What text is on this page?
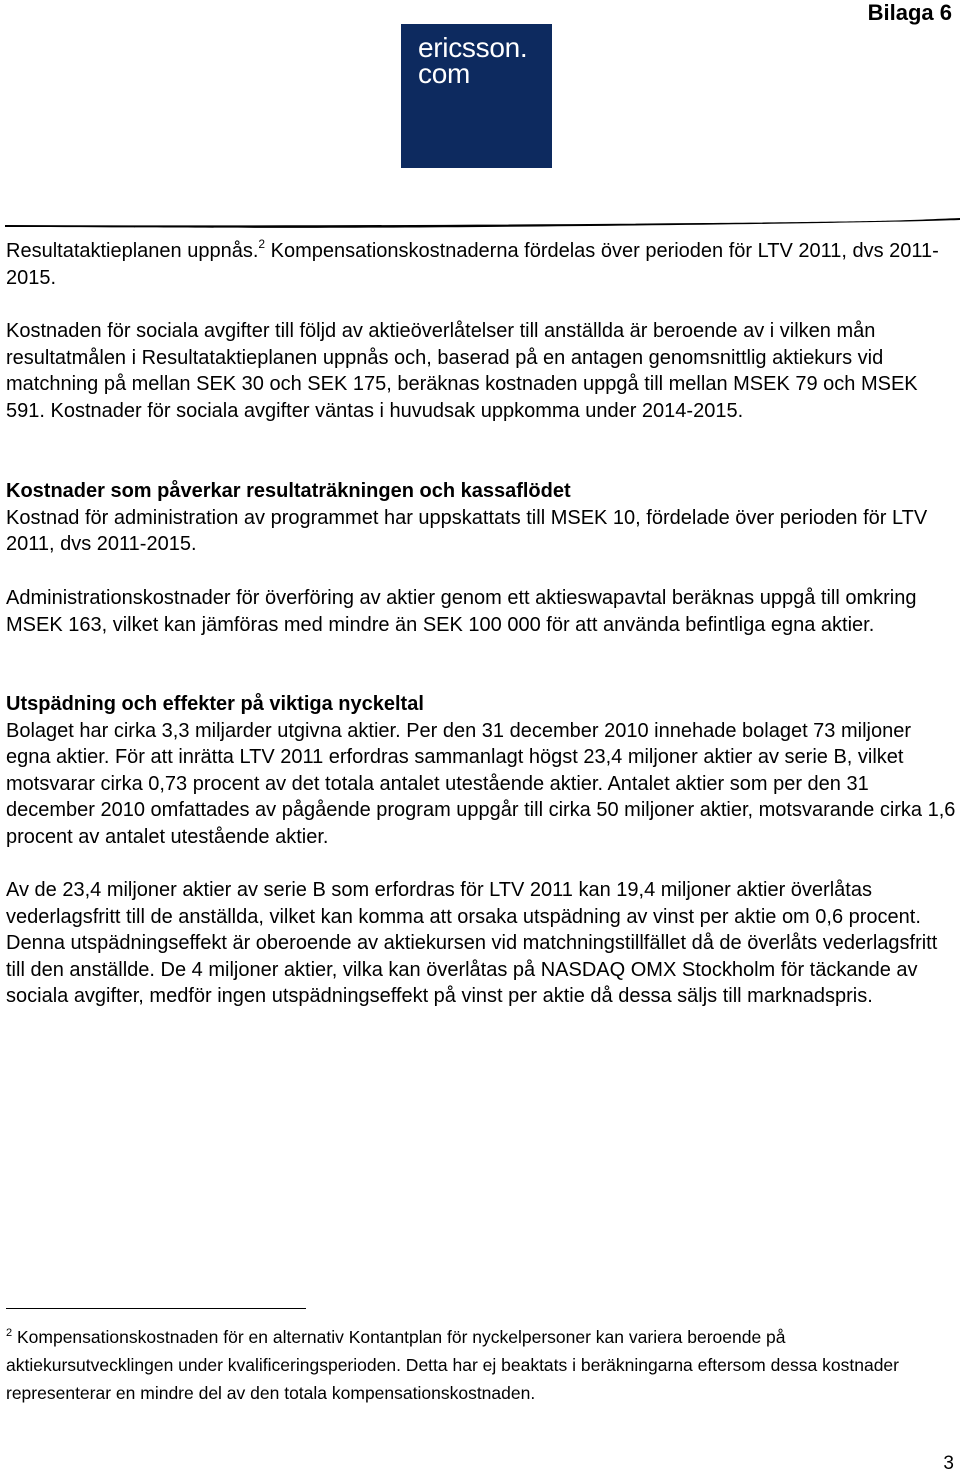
Bilaga 6
ericsson.
com

Resultataktieplanen uppnås.$^2$ Kompensationskostnaderna fördelas över perioden för LTV 2011, dvs 2011-2015.

Kostnaden för sociala avgifter till följd av aktieöverlåtelser till anställda är beroende av i vilken mån resultatmålen i Resultataktieplanen uppnås och, baserad på en antagen genomsnittlig aktiekurs vid matchning på mellan SEK 30 och SEK 175, beräknas kostnaden uppgå till mellan MSEK 79 och MSEK 591. Kostnader för sociala avgifter väntas i huvudsak uppkomma under 2014-2015.

Kostnader som påverkar resultaträkningen och kassaflödet
Kostnad för administration av programmet har uppskattats till MSEK 10, fördelade över perioden för LTV 2011, dvs 2011-2015.

Administrationskostnader för överföring av aktier genom ett aktieswapavtal beräknas uppgå till omkring MSEK 163, vilket kan jämföras med mindre än SEK 100 000 för att använda befintliga egna aktier.

Utspädning och effekter på viktiga nyckeltal
Bolaget har cirka 3,3 miljarder utgivna aktier. Per den 31 december 2010 innehade bolaget 73 miljoner egna aktier. För att inrätta LTV 2011 erfordras sammanlagt högst 23,4 miljoner aktier av serie B, vilket motsvarar cirka 0,73 procent av det totala antalet utestående aktier. Antalet aktier som per den 31 december 2010 omfattades av pågående program uppgår till cirka 50 miljoner aktier, motsvarande cirka 1,6 procent av antalet utestående aktier.

Av de 23,4 miljoner aktier av serie B som erfordras för LTV 2011 kan 19,4 miljoner aktier överlåtas vederlagsfritt till de anställda, vilket kan komma att orsaka utspädning av vinst per aktie om 0,6 procent. Denna utspädningseffekt är oberoende av aktiekursen vid matchningstillfället då de överlåts vederlagsfritt till den anställde. De 4 miljoner aktier, vilka kan överlåtas på NASDAQ OMX Stockholm för täckande av sociala avgifter, medför ingen utspädningseffekt på vinst per aktie då dessa säljs till marknadspris.

$^2$ Kompensationskostnaden för en alternativ Kontantplan för nyckelpersoner kan variera beroende på aktiekursutvecklingen under kvalificeringsperioden. Detta har ej beaktats i beräkningarna eftersom dessa kostnader representerar en mindre del av den totala kompensationskostnaden.

3
